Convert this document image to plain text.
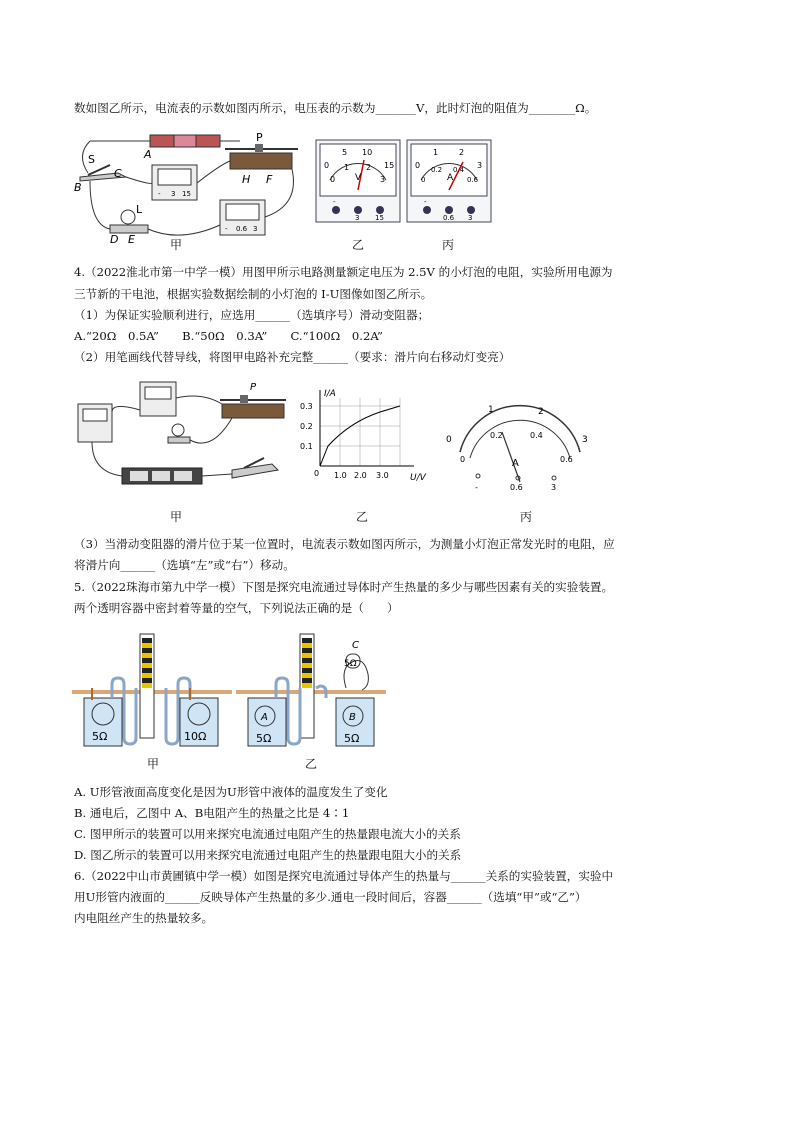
数如图乙所示，电流表的示数如图丙所示，电压表的示数为_______V，此时灯泡的阻值为________Ω。
S
B
C
A
P
H F
L
D E
- 3 15
- 0.6 3
甲
0
5 10
15
0
1 2
3
V
-
3 15
乙
0
1	2
3
0
0.2 0.4
0.6
A
-
0.6 3
丙
4.（2022淮北市第一中学一模）用图甲所示电路测量额定电压为 2.5V 的小灯泡的电阻，实验所用电源为
三节新的干电池，根据实验数据绘制的小灯泡的 I-U图像如图乙所示。
（1）为保证实验顺利进行，应选用______（选填序号）滑动变阻器；
A.“20Ω　0.5A”　　B.“50Ω　0.3A”　　C.“100Ω　0.2A”
（2）用笔画线代替导线，将图甲电路补充完整______（要求：滑片向右移动灯变亮）
P
甲
I/A
U/V
0.3
0.2
0.1
0 1.0 2.0 3.0
乙
0
1	2
3
0
0.2	0.4
0.6
A
-	0.6	3
丙
（3）当滑动变阻器的滑片位于某一位置时，电流表示数如图丙所示，为测量小灯泡正常发光时的电阻，应
将滑片向______（选填“左”或“右”）移动。
5.（2022珠海市第九中学一模）下图是探究电流通过导体时产生热量的多少与哪些因素有关的实验装置。
两个透明容器中密封着等量的空气，下列说法正确的是（　　）
5Ω	10Ω
甲
A	B
C
5Ω
5Ω	5Ω
乙
A. U形管液面高度变化是因为U形管中液体的温度发生了变化
B. 通电后，乙图中 A、B电阻产生的热量之比是 4∶1
C. 图甲所示的装置可以用来探究电流通过电阻产生的热量跟电流大小的关系
D. 图乙所示的装置可以用来探究电流通过电阻产生的热量跟电阻大小的关系
6.（2022中山市黄圃镇中学一模）如图是探究电流通过导体产生的热量与______关系的实验装置，实验中
用U形管内液面的______反映导体产生热量的多少.通电一段时间后，容器______（选填“甲”或“乙”）
内电阻丝产生的热量较多。
